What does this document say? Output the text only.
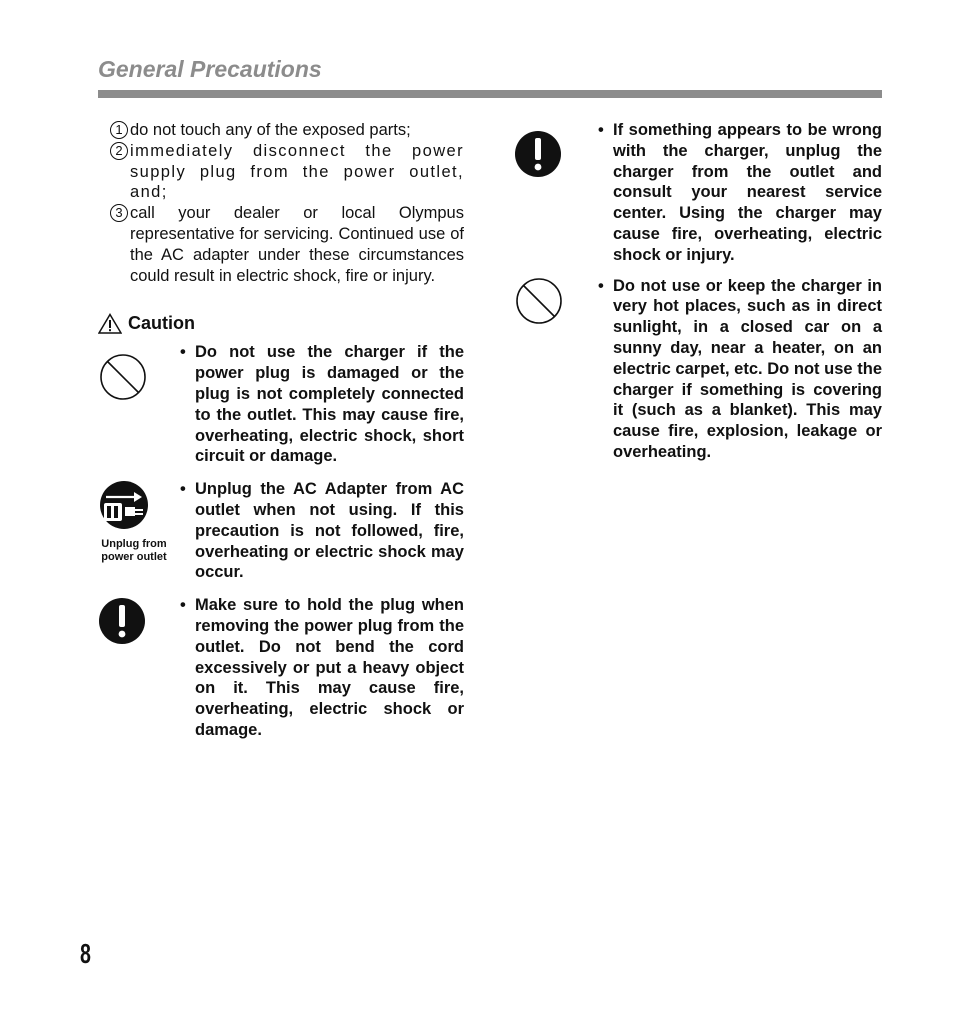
General Precautions
1 do not touch any of the exposed parts;
2 immediately disconnect the power supply plug from the power outlet, and;
3 call your dealer or local Olympus representative for servicing. Continued use of the AC adapter under these circumstances could result in electric shock, fire or injury.
Caution
• Do not use the charger if the power plug is damaged or the plug is not completely connected to the outlet. This may cause fire, overheating, electric shock, short circuit or damage.
Unplug from power outlet
• Unplug the AC Adapter from AC outlet when not using. If this precaution is not followed, fire, overheating or electric shock may occur.
• Make sure to hold the plug when removing the power plug from the outlet. Do not bend the cord excessively or put a heavy object on it. This may cause fire, overheating, electric shock or damage.
• If something appears to be wrong with the charger, unplug the charger from the outlet and consult your nearest service center. Using the charger may cause fire, overheating, electric shock or injury.
• Do not use or keep the charger in very hot places, such as in direct sunlight, in a closed car on a sunny day, near a heater, on an electric carpet, etc. Do not use the charger if something is covering it (such as a blanket). This may cause fire, explosion, leakage or overheating.
8
